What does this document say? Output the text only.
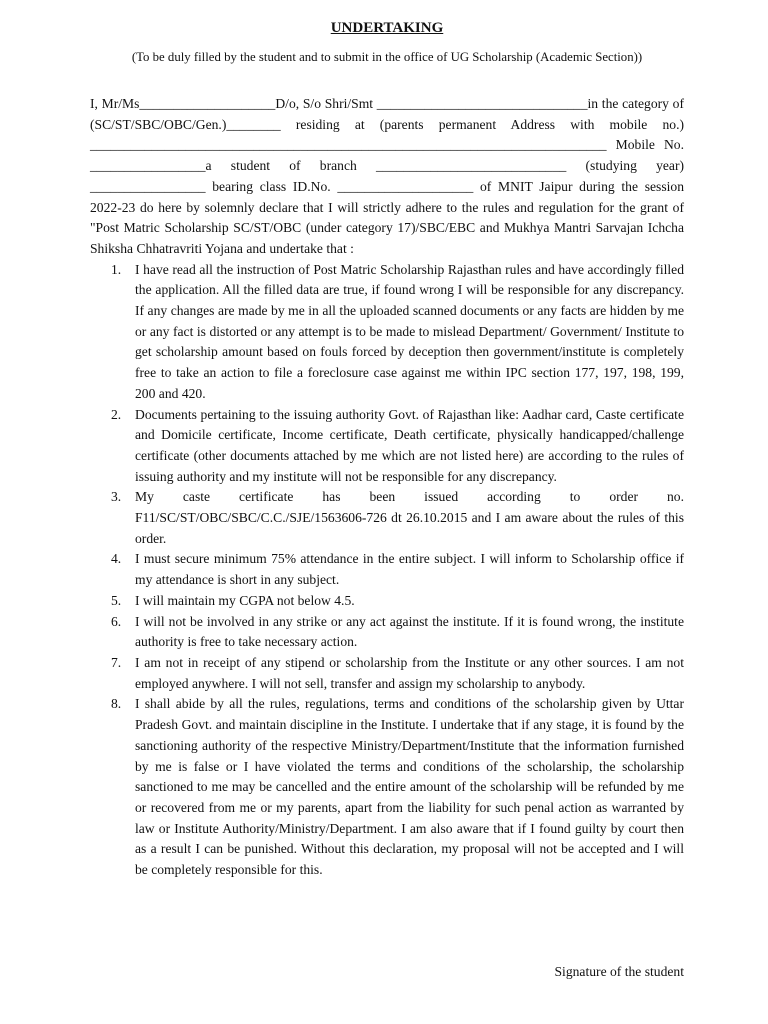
UNDERTAKING
(To be duly filled by the student and to submit in the office of UG Scholarship (Academic Section))

I, Mr/Ms____________________D/o, S/o Shri/Smt _______________________________in the category of (SC/ST/SBC/OBC/Gen.)________ residing at (parents permanent Address with mobile no.) ____________________________________________________________________________ Mobile No. _________________a student of branch ____________________________ (studying year) _________________ bearing class ID.No. ____________________ of MNIT Jaipur during the session 2022-23 do here by solemnly declare that I will strictly adhere to the rules and regulation for the grant of "Post Matric Scholarship SC/ST/OBC (under category 17)/SBC/EBC and Mukhya Mantri Sarvajan Ichcha Shiksha Chhatravriti Yojana and undertake that :

1. I have read all the instruction of Post Matric Scholarship Rajasthan rules and have accordingly filled the application. All the filled data are true, if found wrong I will be responsible for any discrepancy. If any changes are made by me in all the uploaded scanned documents or any facts are hidden by me or any fact is distorted or any attempt is to be made to mislead Department/ Government/ Institute to get scholarship amount based on fouls forced by deception then government/institute is completely free to take an action to file a foreclosure case against me within IPC section 177, 197, 198, 199, 200 and 420.
2. Documents pertaining to the issuing authority Govt. of Rajasthan like: Aadhar card, Caste certificate and Domicile certificate, Income certificate, Death certificate, physically handicapped/challenge certificate (other documents attached by me which are not listed here) are according to the rules of issuing authority and my institute will not be responsible for any discrepancy.
3. My caste certificate has been issued according to order no. F11/SC/ST/OBC/SBC/C.C./SJE/1563606-726 dt 26.10.2015 and I am aware about the rules of this order.
4. I must secure minimum 75% attendance in the entire subject. I will inform to Scholarship office if my attendance is short in any subject.
5. I will maintain my CGPA not below 4.5.
6. I will not be involved in any strike or any act against the institute. If it is found wrong, the institute authority is free to take necessary action.
7. I am not in receipt of any stipend or scholarship from the Institute or any other sources. I am not employed anywhere. I will not sell, transfer and assign my scholarship to anybody.
8. I shall abide by all the rules, regulations, terms and conditions of the scholarship given by Uttar Pradesh Govt. and maintain discipline in the Institute. I undertake that if any stage, it is found by the sanctioning authority of the respective Ministry/Department/Institute that the information furnished by me is false or I have violated the terms and conditions of the scholarship, the scholarship sanctioned to me may be cancelled and the entire amount of the scholarship will be refunded by me or recovered from me or my parents, apart from the liability for such penal action as warranted by law or Institute Authority/Ministry/Department. I am also aware that if I found guilty by court then as a result I can be punished. Without this declaration, my proposal will not be accepted and I will be completely responsible for this.
Signature of the student
